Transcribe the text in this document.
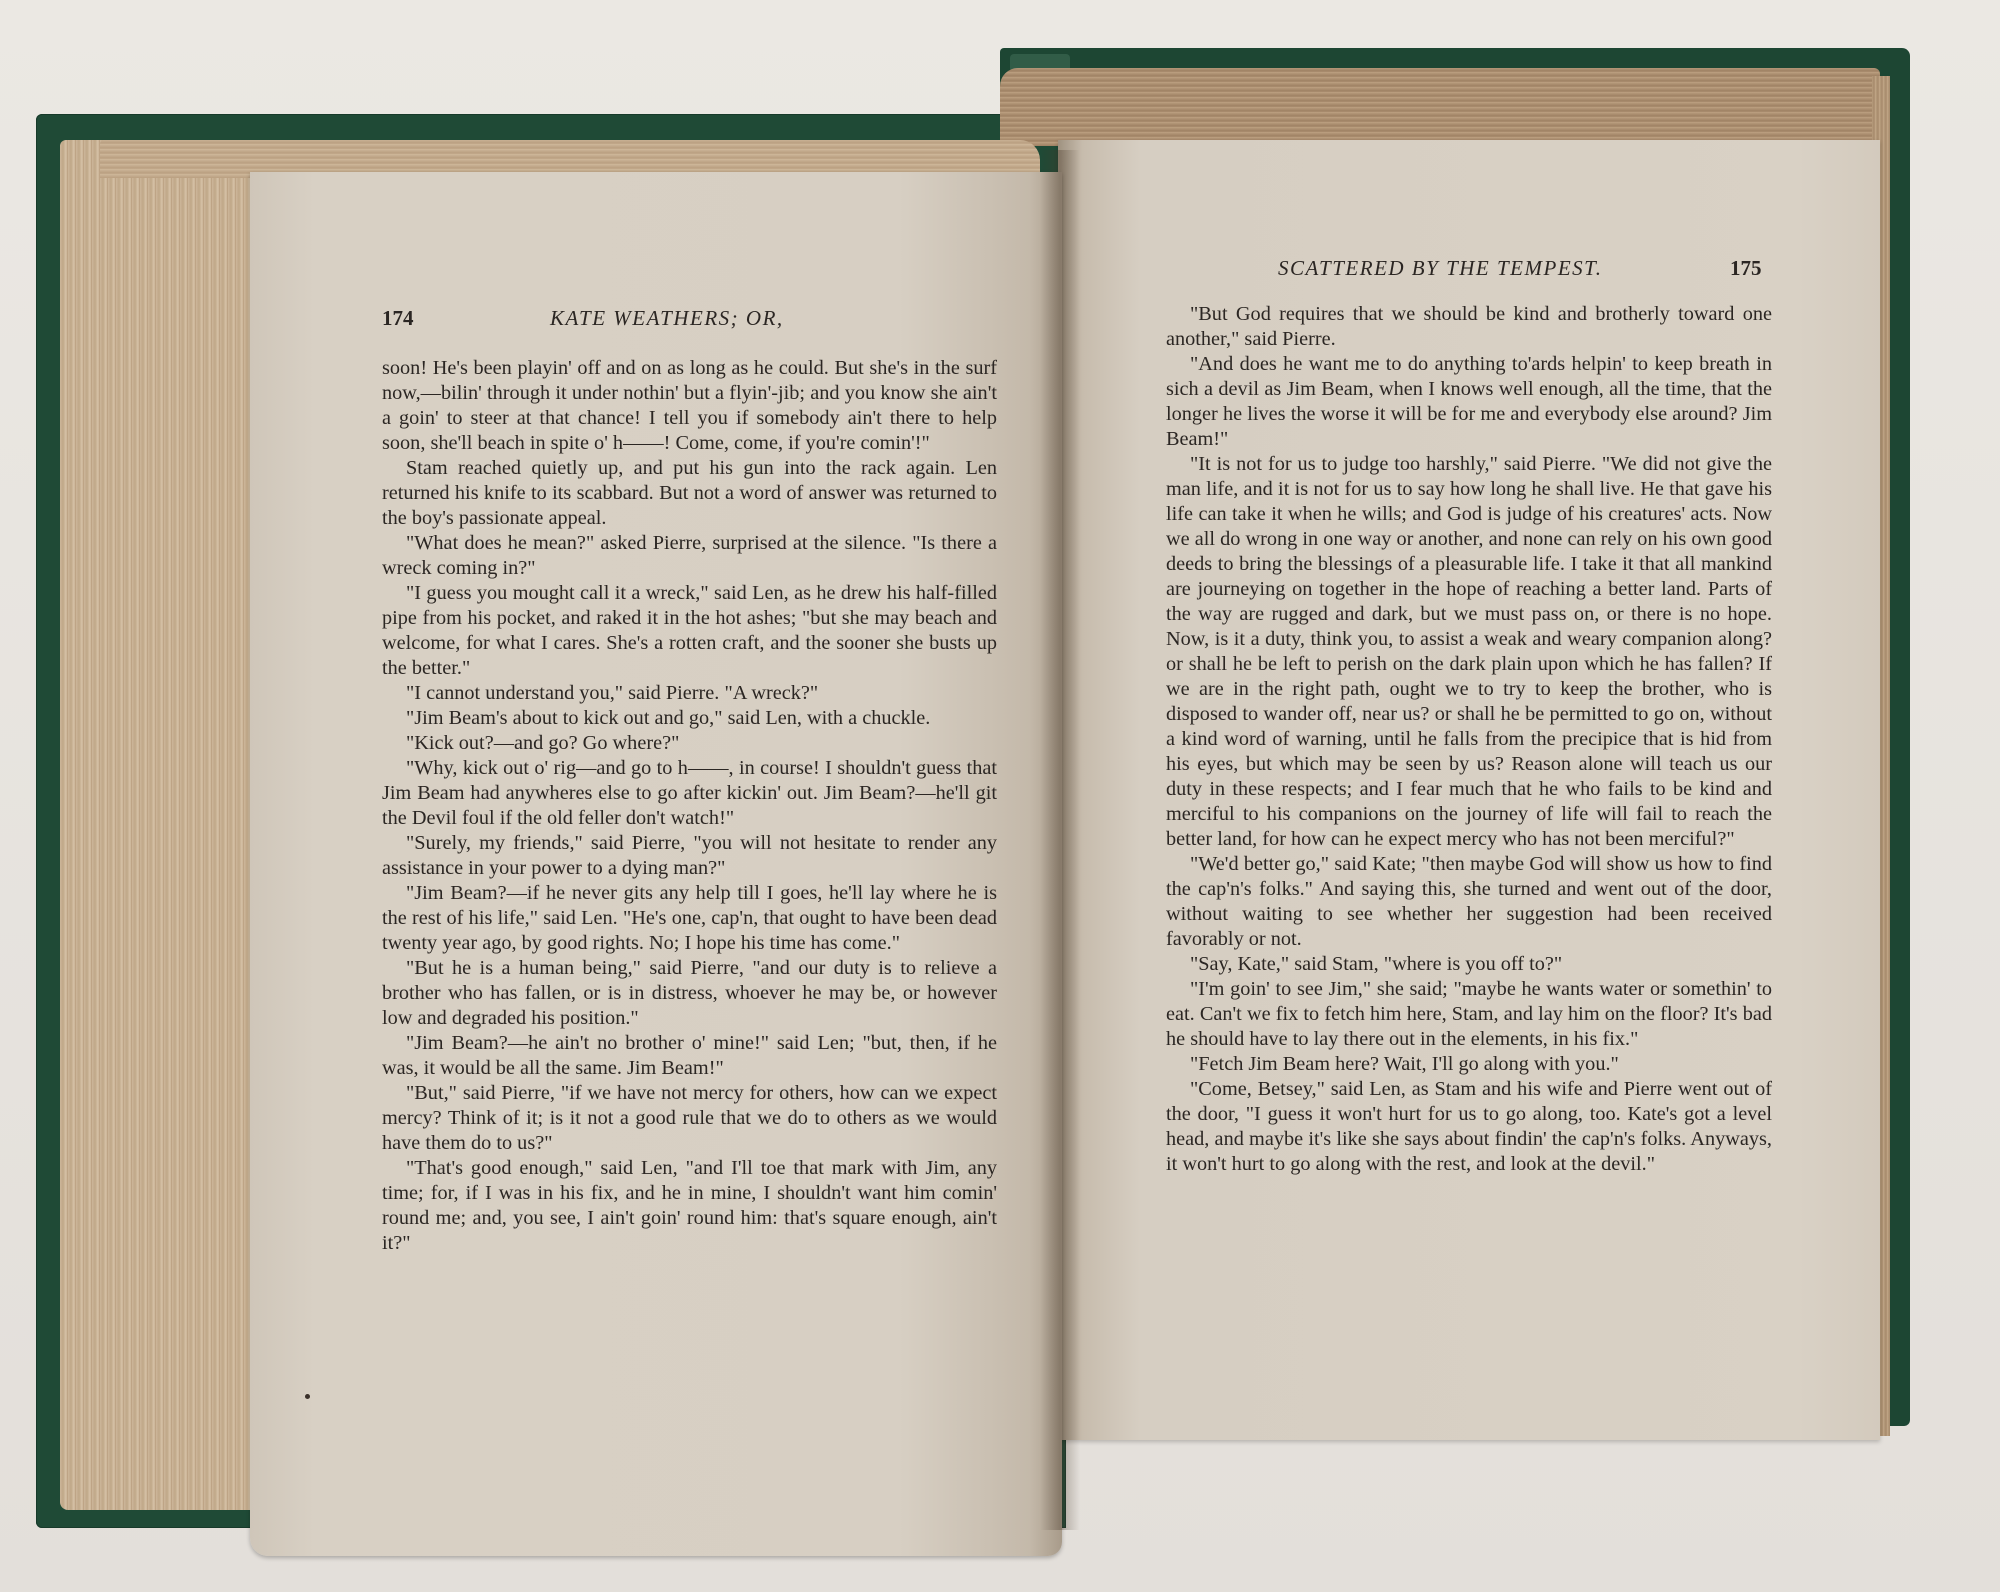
174	KATE WEATHERS; OR,

soon! He's been playin' off and on as long as he could. But she's in the surf now,—bilin' through it under nothin' but a flyin'-jib; and you know she ain't a goin' to steer at that chance! I tell you if somebody ain't there to help soon, she'll beach in spite o' h——! Come, come, if you're comin'!"

Stam reached quietly up, and put his gun into the rack again. Len returned his knife to its scabbard. But not a word of answer was returned to the boy's passionate appeal.

"What does he mean?" asked Pierre, surprised at the silence. "Is there a wreck coming in?"

"I guess you mought call it a wreck," said Len, as he drew his half-filled pipe from his pocket, and raked it in the hot ashes; "but she may beach and welcome, for what I cares. She's a rotten craft, and the sooner she busts up the better."

"I cannot understand you," said Pierre. "A wreck?"

"Jim Beam's about to kick out and go," said Len, with a chuckle.

"Kick out?—and go? Go where?"

"Why, kick out o' rig—and go to h——, in course! I shouldn't guess that Jim Beam had anywheres else to go after kickin' out. Jim Beam?—he'll git the Devil foul if the old feller don't watch!"

"Surely, my friends," said Pierre, "you will not hesitate to render any assistance in your power to a dying man?"

"Jim Beam?—if he never gits any help till I goes, he'll lay where he is the rest of his life," said Len. "He's one, cap'n, that ought to have been dead twenty year ago, by good rights. No; I hope his time has come."

"But he is a human being," said Pierre, "and our duty is to relieve a brother who has fallen, or is in distress, whoever he may be, or however low and degraded his position."

"Jim Beam?—he ain't no brother o' mine!" said Len; "but, then, if he was, it would be all the same. Jim Beam!"

"But," said Pierre, "if we have not mercy for others, how can we expect mercy? Think of it; is it not a good rule that we do to others as we would have them do to us?"

"That's good enough," said Len, "and I'll toe that mark with Jim, any time; for, if I was in his fix, and he in mine, I shouldn't want him comin' round me; and, you see, I ain't goin' round him: that's square enough, ain't it?"

SCATTERED BY THE TEMPEST.	175

"But God requires that we should be kind and brotherly toward one another," said Pierre.

"And does he want me to do anything to'ards helpin' to keep breath in sich a devil as Jim Beam, when I knows well enough, all the time, that the longer he lives the worse it will be for me and everybody else around? Jim Beam!"

"It is not for us to judge too harshly," said Pierre. "We did not give the man life, and it is not for us to say how long he shall live. He that gave his life can take it when he wills; and God is judge of his creatures' acts. Now we all do wrong in one way or another, and none can rely on his own good deeds to bring the blessings of a pleasurable life. I take it that all mankind are journeying on together in the hope of reaching a better land. Parts of the way are rugged and dark, but we must pass on, or there is no hope. Now, is it a duty, think you, to assist a weak and weary companion along? or shall he be left to perish on the dark plain upon which he has fallen? If we are in the right path, ought we to try to keep the brother, who is disposed to wander off, near us? or shall he be permitted to go on, without a kind word of warning, until he falls from the precipice that is hid from his eyes, but which may be seen by us? Reason alone will teach us our duty in these respects; and I fear much that he who fails to be kind and merciful to his companions on the journey of life will fail to reach the better land, for how can he expect mercy who has not been merciful?"

"We'd better go," said Kate; "then maybe God will show us how to find the cap'n's folks." And saying this, she turned and went out of the door, without waiting to see whether her suggestion had been received favorably or not.

"Say, Kate," said Stam, "where is you off to?"

"I'm goin' to see Jim," she said; "maybe he wants water or somethin' to eat. Can't we fix to fetch him here, Stam, and lay him on the floor? It's bad he should have to lay there out in the elements, in his fix."

"Fetch Jim Beam here? Wait, I'll go along with you."

"Come, Betsey," said Len, as Stam and his wife and Pierre went out of the door, "I guess it won't hurt for us to go along, too. Kate's got a level head, and maybe it's like she says about findin' the cap'n's folks. Anyways, it won't hurt to go along with the rest, and look at the devil."
